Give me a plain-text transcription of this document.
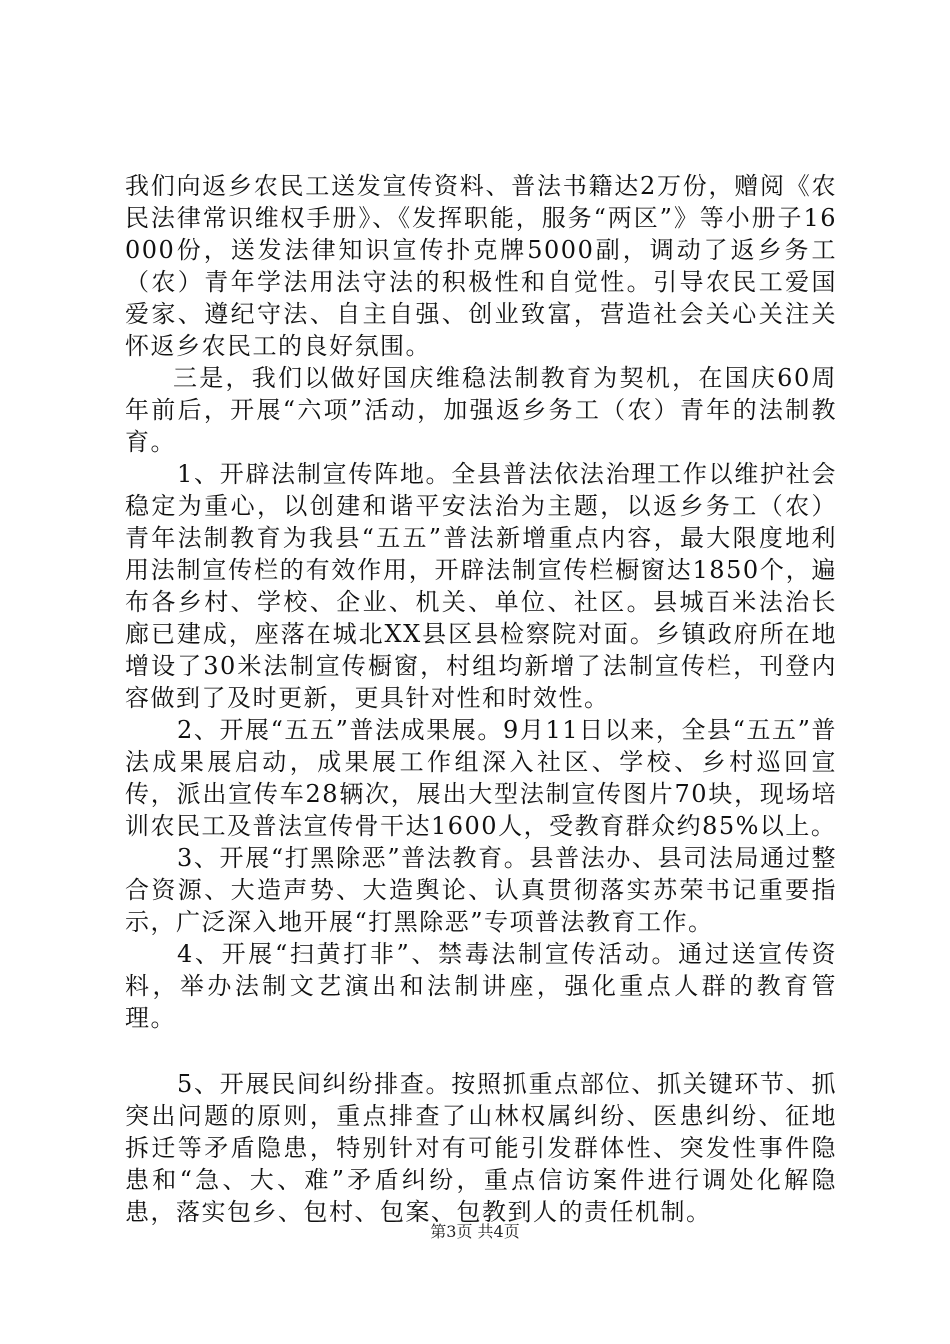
我们向返乡农民工送发宣传资料、普法书籍达2万份，赠阅《农民法律常识维权手册》、《发挥职能，服务“两区”》等小册子16000份，送发法律知识宣传扑克牌5000副，调动了返乡务工（农）青年学法用法守法的积极性和自觉性。引导农民工爱国爱家、遵纪守法、自主自强、创业致富，营造社会关心关注关怀返乡农民工的良好氛围。

三是，我们以做好国庆维稳法制教育为契机，在国庆60周年前后，开展“六项”活动，加强返乡务工（农）青年的法制教育。

1、开辟法制宣传阵地。全县普法依法治理工作以维护社会稳定为重心，以创建和谐平安法治为主题，以返乡务工（农）青年法制教育为我县“五五”普法新增重点内容，最大限度地利用法制宣传栏的有效作用，开辟法制宣传栏橱窗达1850个，遍布各乡村、学校、企业、机关、单位、社区。县城百米法治长廊已建成，座落在城北XX县区县检察院对面。乡镇政府所在地增设了30米法制宣传橱窗，村组均新增了法制宣传栏，刊登内容做到了及时更新，更具针对性和时效性。

2、开展“五五”普法成果展。9月11日以来，全县“五五”普法成果展启动，成果展工作组深入社区、学校、乡村巡回宣传，派出宣传车28辆次，展出大型法制宣传图片70块，现场培训农民工及普法宣传骨干达1600人，受教育群众约85%以上。

3、开展“打黑除恶”普法教育。县普法办、县司法局通过整合资源、大造声势、大造舆论、认真贯彻落实苏荣书记重要指示，广泛深入地开展“打黑除恶”专项普法教育工作。

4、开展“扫黄打非”、禁毒法制宣传活动。通过送宣传资料，举办法制文艺演出和法制讲座，强化重点人群的教育管理。

5、开展民间纠纷排查。按照抓重点部位、抓关键环节、抓突出问题的原则，重点排查了山林权属纠纷、医患纠纷、征地拆迁等矛盾隐患，特别针对有可能引发群体性、突发性事件隐患和“急、大、难”矛盾纠纷，重点信访案件进行调处化解隐患，落实包乡、包村、包案、包教到人的责任机制。

第3页 共4页
